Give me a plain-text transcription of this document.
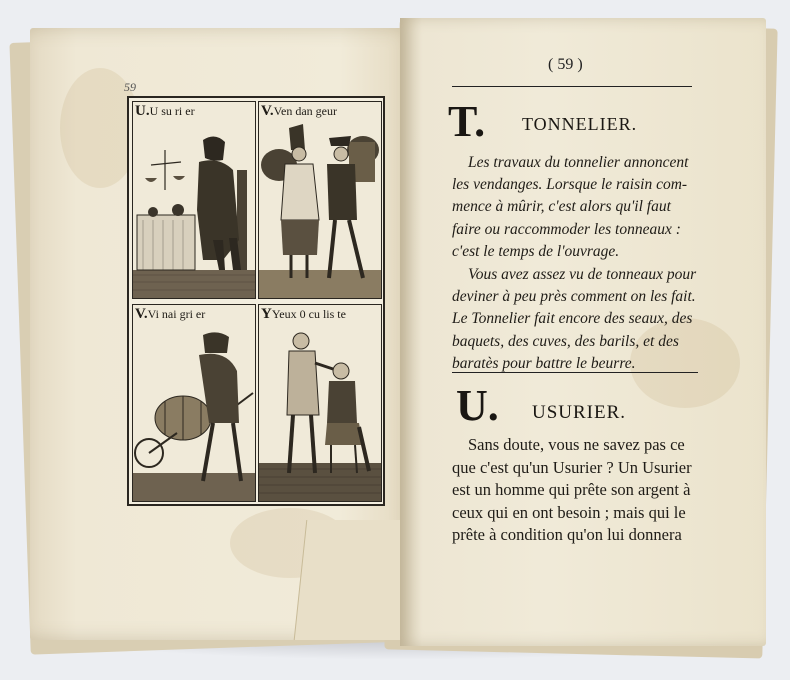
59
U.U su ri er	V.Ven dan geur
V.Vi nai gri er	YYeux 0 cu lis te
( 59 )
T. TONNELIER.

Les travaux du tonnelier annoncent

les vendanges. Lorsque le raisin com-

mence à mûrir, c'est alors qu'il faut

faire ou raccommoder les tonneaux :

c'est le temps de l'ouvrage.

Vous avez assez vu de tonneaux pour

deviner à peu près comment on les fait.

Le Tonnelier fait encore des seaux, des

baquets, des cuves, des barils, et des

baratès pour battre le beurre.

U. USURIER.

Sans doute, vous ne savez pas ce

que c'est qu'un Usurier ? Un Usurier

est un homme qui prête son argent à

ceux qui en ont besoin ; mais qui le

prête à condition qu'on lui donnera
